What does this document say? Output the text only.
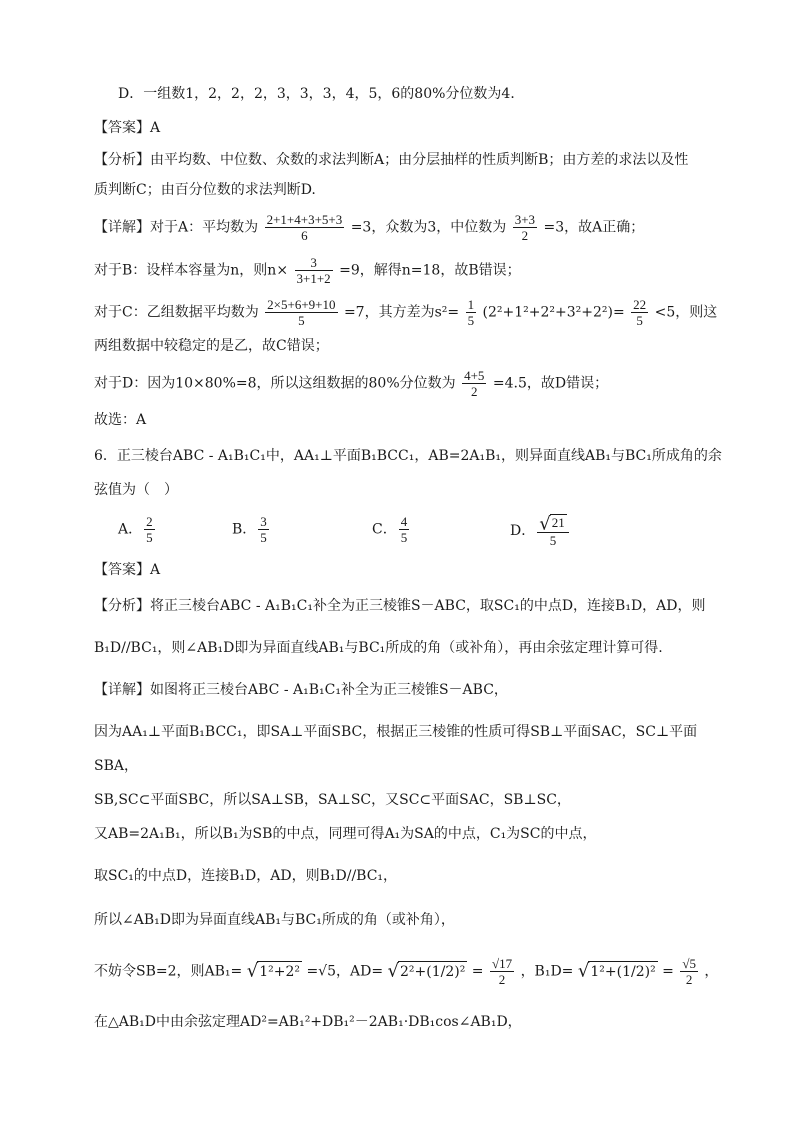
D．一组数1，2，2，2，3，3，3，4，5，6的80%分位数为4．
【答案】A
【分析】由平均数、中位数、众数的求法判断A；由分层抽样的性质判断B；由方差的求法以及性
质判断C；由百分位数的求法判断D.
【详解】对于A：平均数为 $\frac{2+1+4+3+5+3}{6} =3$，众数为3，中位数为 $\frac{3+3}{2} =3$，故A正确；
对于B：设样本容量为n，则$n\times \frac{3}{3+1+2} =9$，解得n=18，故B错误；
对于C：乙组数据平均数为 $\frac{2\times 5+6+9+10}{5} =7$，其方差为$s^2= \frac{1}{5} (2^2+1^2+2^2+3^2+2^2)= \frac{22}{5} <5$，则这
两组数据中较稳定的是乙，故C错误；
对于D：因为10×80%=8，所以这组数据的80%分位数为 $\frac{4+5}{2} =4.5$，故D错误；
故选：A
6．正三棱台ABC - A₁B₁C₁中，AA₁⊥平面B₁BCC₁，AB=2A₁B₁，则异面直线AB₁与BC₁所成角的余
弦值为（　）
A． $\frac{2}{5}$	B． $\frac{3}{5}$	C． $\frac{4}{5}$	D． $\frac{√21}{5}$
【答案】A
【分析】将正三棱台ABC - A₁B₁C₁补全为正三棱锥S－ABC，取SC₁的中点D，连接B₁D，AD，则
B₁D//BC₁，则∠AB₁D即为异面直线AB₁与BC₁所成的角（或补角），再由余弦定理计算可得.
【详解】如图将正三棱台ABC - A₁B₁C₁补全为正三棱锥S－ABC，
因为AA₁⊥平面B₁BCC₁，即SA⊥平面SBC，根据正三棱锥的性质可得SB⊥平面SAC，SC⊥平面
SBA，
SB,SC⊂平面SBC，所以SA⊥SB，SA⊥SC，又SC⊂平面SAC，SB⊥SC，
又AB=2A₁B₁，所以B₁为SB的中点，同理可得A₁为SA的中点，C₁为SC的中点，
取SC₁的中点D，连接B₁D，AD，则B₁D//BC₁，
所以∠AB₁D即为异面直线AB₁与BC₁所成的角（或补角），
不妨令SB=2，则AB₁= √1²+2² =√5，$AD= √2^2+(1/2)^2 = \frac{√17}{2}$ ，$B_1D= √1^2+(1/2)^2 = \frac{√5}{2}$ ，
在△AB₁D中由余弦定理AD²=AB₁²+DB₁²－2AB₁·DB₁cos∠AB₁D，
